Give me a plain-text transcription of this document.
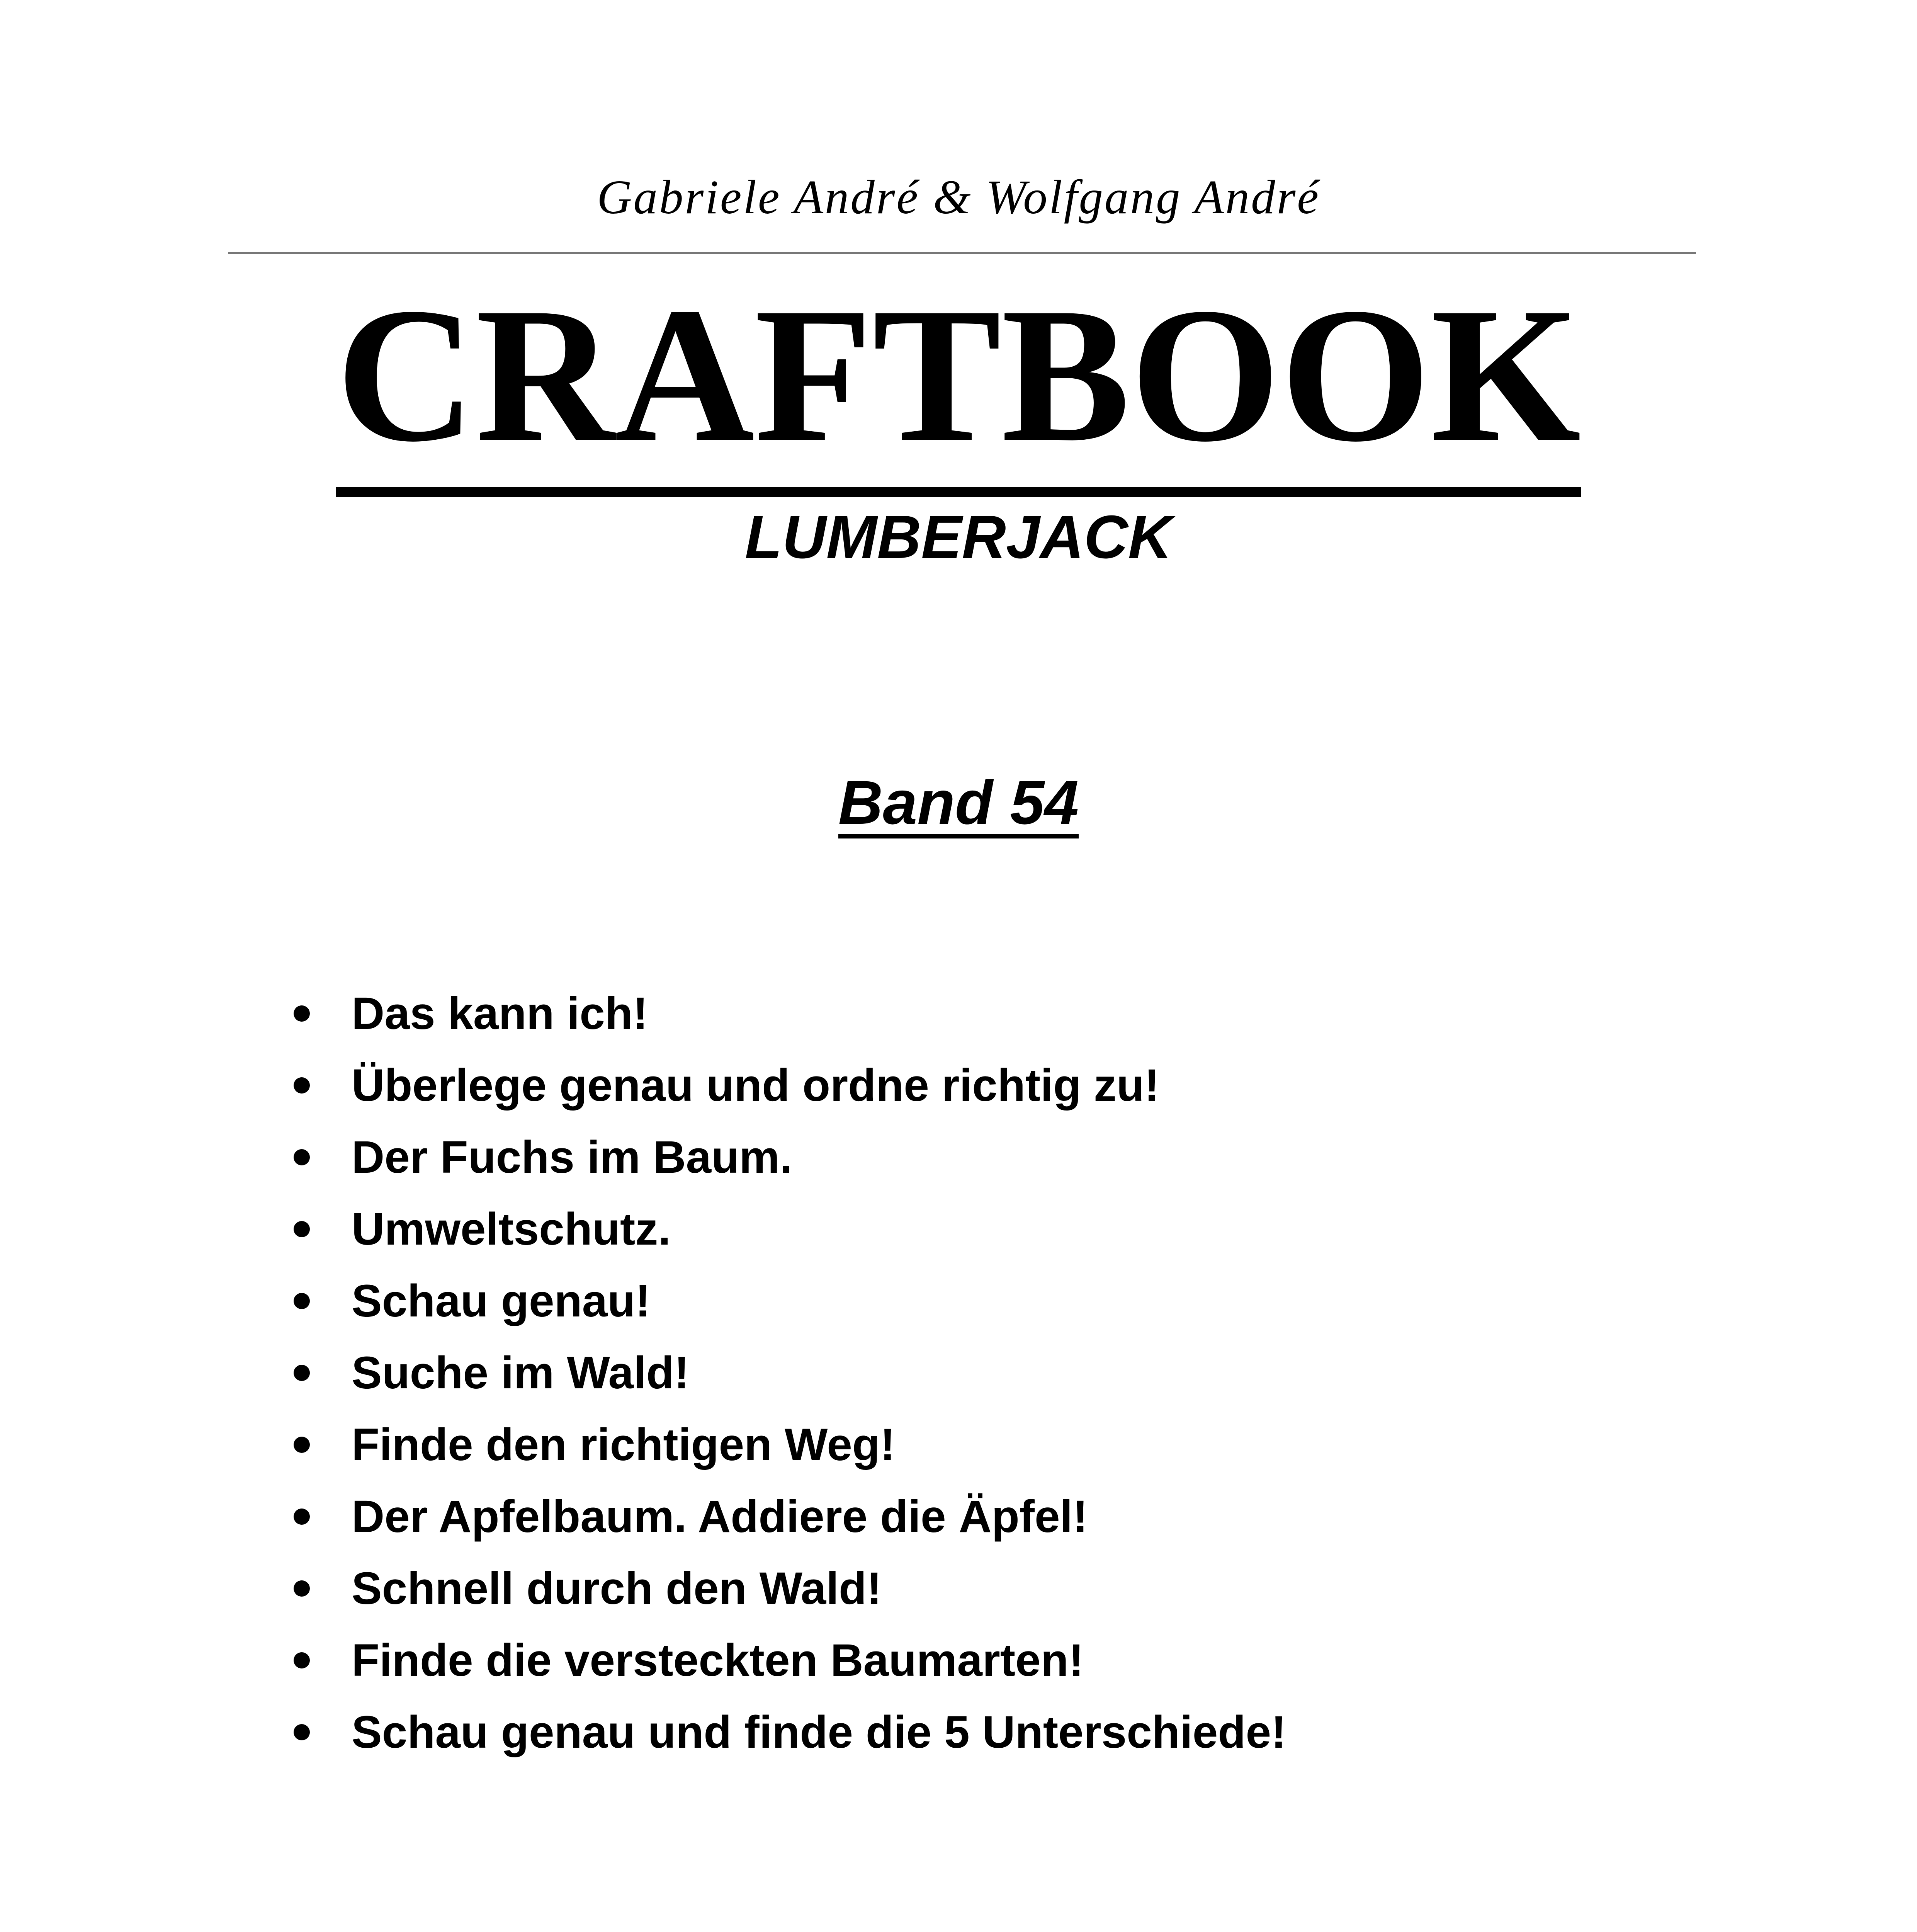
Gabriele André & Wolfgang André
CRAFTBOOK
LUMBERJACK
Band 54
Das kann ich!
Überlege genau und ordne richtig zu!
Der Fuchs im Baum.
Umweltschutz.
Schau genau!
Suche im Wald!
Finde den richtigen Weg!
Der Apfelbaum. Addiere die Äpfel!
Schnell durch den Wald!
Finde die versteckten Baumarten!
Schau genau und finde die 5 Unterschiede!
